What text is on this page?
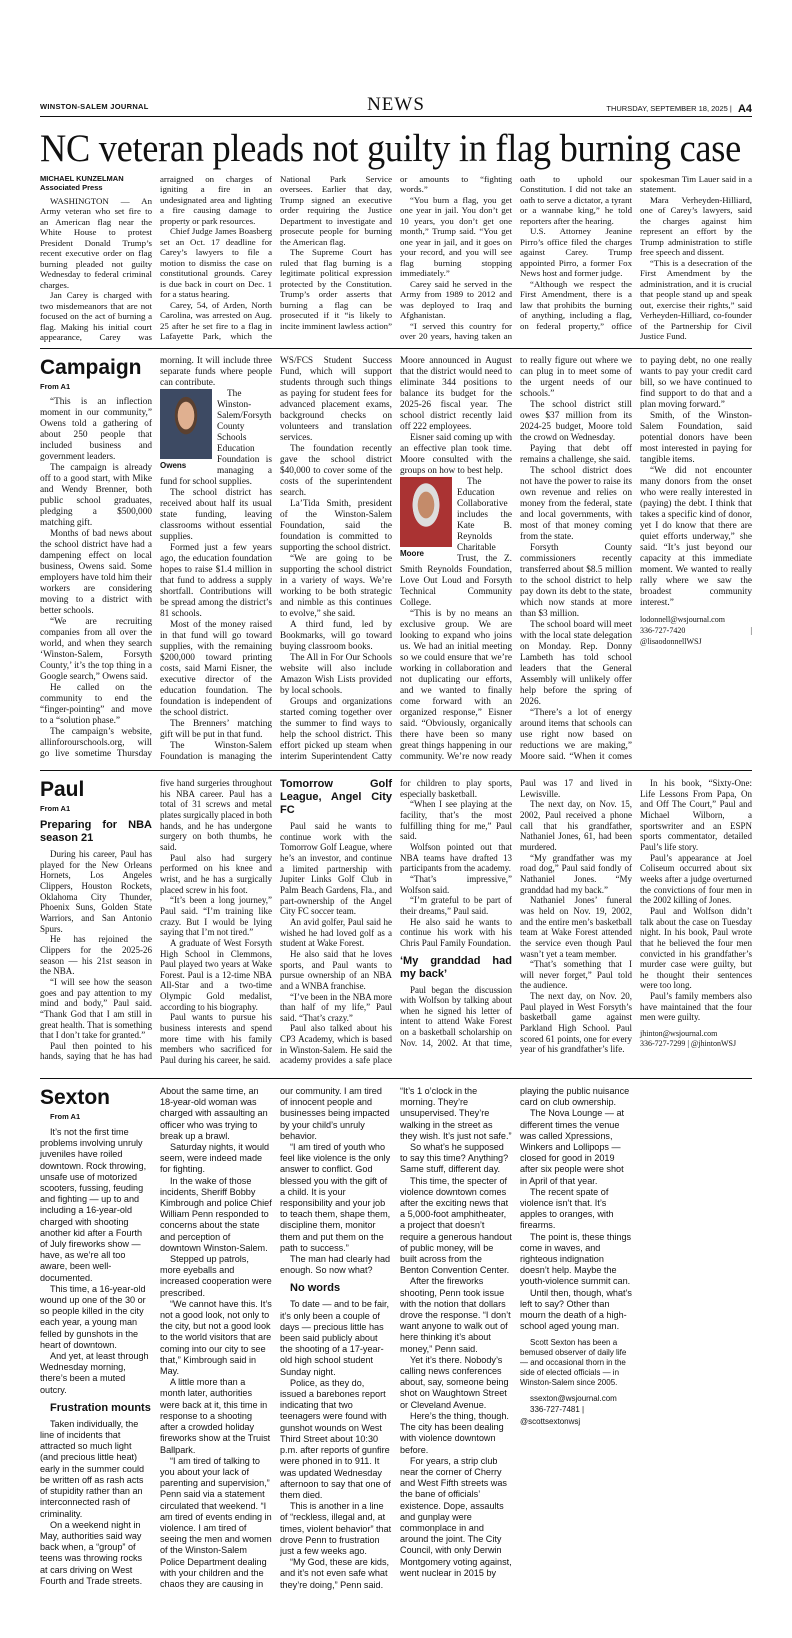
WINSTON-SALEM JOURNAL	NEWS	THURSDAY, SEPTEMBER 18, 2025 | A4
NC veteran pleads not guilty in flag burning case

MICHAEL KUNZELMAN

Associated Press

WASHINGTON — An Army veteran who set fire to an American flag near the White House to protest President Donald Trump’s recent executive order on flag burning pleaded not guilty Wednesday to federal criminal charges.

Jan Carey is charged with two misdemeanors that are not focused on the act of burning a flag. Making his initial court appearance, Carey was arraigned on charges of igniting a fire in an undesignated area and lighting a fire causing damage to property or park resources.

Chief Judge James Boasberg set an Oct. 17 deadline for Carey’s lawyers to file a motion to dismiss the case on constitutional grounds. Carey is due back in court on Dec. 1 for a status hearing.

Carey, 54, of Arden, North Carolina, was arrested on Aug. 25 after he set fire to a flag in Lafayette Park, which the National Park Service oversees. Earlier that day, Trump signed an executive order requiring the Justice Department to investigate and prosecute people for burning the American flag.

The Supreme Court has ruled that flag burning is a legitimate political expression protected by the Constitution. Trump’s order asserts that burning a flag can be prosecuted if it “is likely to incite imminent lawless action” or amounts to “fighting words.”

“You burn a flag, you get one year in jail. You don’t get 10 years, you don’t get one month,” Trump said. “You get one year in jail, and it goes on your record, and you will see flag burning stopping immediately.”

Carey said he served in the Army from 1989 to 2012 and was deployed to Iraq and Afghanistan.

“I served this country for over 20 years, having taken an oath to uphold our Constitution. I did not take an oath to serve a dictator, a tyrant or a wannabe king,” he told reporters after the hearing.

U.S. Attorney Jeanine Pirro’s office filed the charges against Carey. Trump appointed Pirro, a former Fox News host and former judge.

“Although we respect the First Amendment, there is a law that prohibits the burning of anything, including a flag, on federal property,” office spokesman Tim Lauer said in a statement.

Mara Verheyden-Hilliard, one of Carey’s lawyers, said the charges against him represent an effort by the Trump administration to stifle free speech and dissent.

“This is a desecration of the First Amendment by the administration, and it is crucial that people stand up and speak out, exercise their rights,” said Verheyden-Hilliard, co-founder of the Partnership for Civil Justice Fund.

Campaign

From A1

“This is an inflection moment in our community,” Owens told a gathering of about 250 people that included business and government leaders.

The campaign is already off to a good start, with Mike and Wendy Brenner, both public school graduates, pledging a $500,000 matching gift.

Months of bad news about the school district have had a dampening effect on local business, Owens said. Some employers have told him their workers are considering moving to a district with better schools.

“We are recruiting companies from all over the world, and when they search ‘Winston-Salem, Forsyth County,’ it’s the top thing in a Google search,” Owens said.

He called on the community to end the “finger-pointing” and move to a “solution phase.”

The campaign’s website, allinforourschools.org, will go live sometime Thursday morning. It will include three separate funds where people can contribute.

Owens

The Winston-Salem/Forsyth County Schools Education Foundation is managing a fund for school supplies.

The school district has received about half its usual state funding, leaving classrooms without essential supplies.

Formed just a few years ago, the education foundation hopes to raise $1.4 million in that fund to address a supply shortfall. Contributions will be spread among the district’s 81 schools.

Most of the money raised in that fund will go toward supplies, with the remaining $200,000 toward printing costs, said Marni Eisner, the executive director of the education foundation. The foundation is independent of the school district.

The Brenners’ matching gift will be put in that fund.

The Winston-Salem Foundation is managing the WS/FCS Student Success Fund, which will support students through such things as paying for student fees for advanced placement exams, background checks on volunteers and translation services.

The foundation recently gave the school district $40,000 to cover some of the costs of the superintendent search.

La’Tida Smith, president of the Winston-Salem Foundation, said the foundation is committed to supporting the school district.

“We are going to be supporting the school district in a variety of ways. We’re working to be both strategic and nimble as this continues to evolve,” she said.

A third fund, led by Bookmarks, will go toward buying classroom books.

The All in For Our Schools website will also include Amazon Wish Lists provided by local schools.

Groups and organizations started coming together over the summer to find ways to help the school district. This effort picked up steam when interim Superintendent Catty Moore announced in August that the district would need to eliminate 344 positions to balance its budget for the 2025-26 fiscal year. The school district recently laid off 222 employees.

Eisner said coming up with an effective plan took time. Moore consulted with the groups on how to best help.

Moore

The Education Collaborative includes the Kate B. Reynolds Charitable Trust, the Z. Smith Reynolds Foundation, Love Out Loud and Forsyth Technical Community College.

“This is by no means an exclusive group. We are looking to expand who joins us. We had an initial meeting so we could ensure that we’re working in collaboration and not duplicating our efforts, and we wanted to finally come forward with an organized response,” Eisner said. “Obviously, organically there have been so many great things happening in our community. We’re now ready to really figure out where we can plug in to meet some of the urgent needs of our schools.”

The school district still owes $37 million from its 2024-25 budget, Moore told the crowd on Wednesday.

Paying that debt off remains a challenge, she said.

The school district does not have the power to raise its own revenue and relies on money from the federal, state and local governments, with most of that money coming from the state.

Forsyth County commissioners recently transferred about $8.5 million to the school district to help pay down its debt to the state, which now stands at more than $3 million.

The school board will meet with the local state delegation on Monday. Rep. Donny Lambeth has told school leaders that the General Assembly will unlikely offer help before the spring of 2026.

“There’s a lot of energy around items that schools can use right now based on reductions we are making,” Moore said. “When it comes to paying debt, no one really wants to pay your credit card bill, so we have continued to find support to do that and a plan moving forward.”

Smith, of the Winston-Salem Foundation, said potential donors have been most interested in paying for tangible items.

“We did not encounter many donors from the onset who were really interested in (paying) the debt. I think that takes a specific kind of donor, yet I do know that there are quiet efforts underway,” she said. “It’s just beyond our capacity at this immediate moment. We wanted to really rally where we saw the broadest community interest.”

lodonnell@wsjournal.com

336-727-7420 | @lisaodonnellWSJ

Paul

From A1

Preparing for NBA season 21

During his career, Paul has played for the New Orleans Hornets, Los Angeles Clippers, Houston Rockets, Oklahoma City Thunder, Phoenix Suns, Golden State Warriors, and San Antonio Spurs.

He has rejoined the Clippers for the 2025-26 season — his 21st season in the NBA.

“I will see how the season goes and pay attention to my mind and body,” Paul said. “Thank God that I am still in great health. That is something that I don’t take for granted.”

Paul then pointed to his hands, saying that he has had five hand surgeries throughout his NBA career. Paul has a total of 31 screws and metal plates surgically placed in both hands, and he has undergone surgery on both thumbs, he said.

Paul also had surgery performed on his knee and wrist, and he has a surgically placed screw in his foot.

“It’s been a long journey,” Paul said. “I’m training like crazy. But I would be lying saying that I’m not tired.”

A graduate of West Forsyth High School in Clemmons, Paul played two years at Wake Forest. Paul is a 12-time NBA All-Star and a two-time Olympic Gold medalist, according to his biography.

Paul wants to pursue his business interests and spend more time with his family members who sacrificed for Paul during his career, he said.

Tomorrow Golf League, Angel City FC

Paul said he wants to continue work with the Tomorrow Golf League, where he’s an investor, and continue a limited partnership with Jupiter Links Golf Club in Palm Beach Gardens, Fla., and part-ownership of the Angel City FC soccer team.

An avid golfer, Paul said he wished he had loved golf as a student at Wake Forest.

He also said that he loves sports, and Paul wants to pursue ownership of an NBA and a WNBA franchise.

“I’ve been in the NBA more than half of my life,” Paul said. “That’s crazy.”

Paul also talked about his CP3 Academy, which is based in Winston-Salem. He said the academy provides a safe place for children to play sports, especially basketball.

“When I see playing at the facility, that’s the most fulfilling thing for me,” Paul said.

Wolfson pointed out that NBA teams have drafted 13 participants from the academy.

“That’s impressive,” Wolfson said.

“I’m grateful to be part of their dreams,” Paul said.

He also said he wants to continue his work with his Chris Paul Family Foundation.

‘My granddad had my back’

Paul began the discussion with Wolfson by talking about when he signed his letter of intent to attend Wake Forest on a basketball scholarship on Nov. 14, 2002. At that time, Paul was 17 and lived in Lewisville.

The next day, on Nov. 15, 2002, Paul received a phone call that his grandfather, Nathaniel Jones, 61, had been murdered.

“My grandfather was my road dog,” Paul said fondly of Nathaniel Jones. “My granddad had my back.”

Nathaniel Jones’ funeral was held on Nov. 19, 2002, and the entire men’s basketball team at Wake Forest attended the service even though Paul wasn’t yet a team member.

“That’s something that I will never forget,” Paul told the audience.

The next day, on Nov. 20, Paul played in West Forsyth’s basketball game against Parkland High School. Paul scored 61 points, one for every year of his grandfather’s life.

In his book, “Sixty-One: Life Lessons From Papa, On and Off The Court,” Paul and Michael Wilborn, a sportswriter and an ESPN sports commentator, detailed Paul’s life story.

Paul’s appearance at Joel Coliseum occurred about six weeks after a judge overturned the convictions of four men in the 2002 killing of Jones.

Paul and Wolfson didn’t talk about the case on Tuesday night. In his book, Paul wrote that he believed the four men convicted in his grandfather’s murder case were guilty, but he thought their sentences were too long.

Paul’s family members also have maintained that the four men were guilty.

jhinton@wsjournal.com

336-727-7299 | @jhintonWSJ

Sexton

From A1

It’s not the first time problems involving unruly juveniles have roiled downtown. Rock throwing, unsafe use of motorized scooters, fussing, feuding and fighting — up to and including a 16-year-old charged with shooting another kid after a Fourth of July fireworks show — have, as we’re all too aware, been well-documented.

This time, a 16-year-old wound up one of the 30 or so people killed in the city each year, a young man felled by gunshots in the heart of downtown.

And yet, at least through Wednesday morning, there’s been a muted outcry.

Frustration mounts

Taken individually, the line of incidents that attracted so much light (and precious little heat) early in the summer could be written off as rash acts of stupidity rather than an interconnected rash of criminality.

On a weekend night in May, authorities said way back when, a “group” of teens was throwing rocks at cars driving on West Fourth and Trade streets. About the same time, an 18-year-old woman was charged with assaulting an officer who was trying to break up a brawl.

Saturday nights, it would seem, were indeed made for fighting.

In the wake of those incidents, Sheriff Bobby Kimbrough and police Chief William Penn responded to concerns about the state and perception of downtown Winston-Salem.

Stepped up patrols, more eyeballs and increased cooperation were prescribed.

“We cannot have this. It’s not a good look, not only to the city, but not a good look to the world visitors that are coming into our city to see that,” Kimbrough said in May.

A little more than a month later, authorities were back at it, this time in response to a shooting after a crowded holiday fireworks show at the Truist Ballpark.

“I am tired of talking to you about your lack of parenting and supervision,” Penn said via a statement circulated that weekend. “I am tired of events ending in violence. I am tired of seeing the men and women of the Winston-Salem Police Department dealing with your children and the chaos they are causing in our community. I am tired of innocent people and businesses being impacted by your child’s unruly behavior.

“I am tired of youth who feel like violence is the only answer to conflict. God blessed you with the gift of a child. It is your responsibility and your job to teach them, shape them, discipline them, monitor them and put them on the path to success.”

The man had clearly had enough. So now what?

No words

To date — and to be fair, it’s only been a couple of days — precious little has been said publicly about the shooting of a 17-year-old high school student Sunday night.

Police, as they do, issued a barebones report indicating that two teenagers were found with gunshot wounds on West Third Street about 10:30 p.m. after reports of gunfire were phoned in to 911. It was updated Wednesday afternoon to say that one of them died.

This is another in a line of “reckless, illegal and, at times, violent behavior” that drove Penn to frustration just a few weeks ago.

“My God, these are kids, and it’s not even safe what they’re doing,” Penn said. “It’s 1 o’clock in the morning. They’re unsupervised. They’re walking in the street as they wish. It’s just not safe.”

So what’s he supposed to say this time? Anything? Same stuff, different day.

This time, the specter of violence downtown comes after the exciting news that a 5,000-foot amphitheater, a project that doesn’t require a generous handout of public money, will be built across from the Benton Convention Center.

After the fireworks shooting, Penn took issue with the notion that dollars drove the response. “I don’t want anyone to walk out of here thinking it’s about money,” Penn said.

Yet it’s there. Nobody’s calling news conferences about, say, someone being shot on Waughtown Street or Cleveland Avenue.

Here’s the thing, though. The city has been dealing with violence downtown before.

For years, a strip club near the corner of Cherry and West Fifth streets was the bane of officials’ existence. Dope, assaults and gunplay were commonplace in and around the joint. The City Council, with only Derwin Montgomery voting against, went nuclear in 2015 by playing the public nuisance card on club ownership.

The Nova Lounge — at different times the venue was called Xpressions, Winkers and Lollipops — closed for good in 2019 after six people were shot in April of that year.

The recent spate of violence isn’t that. It’s apples to oranges, with firearms.

The point is, these things come in waves, and righteous indignation doesn’t help. Maybe the youth-violence summit can.

Until then, though, what’s left to say? Other than mourn the death of a high-school aged young man.

Scott Sexton has been a bemused observer of daily life — and occasional thorn in the side of elected officials — in Winston-Salem since 2005.

ssexton@wsjournal.com

336-727-7481 | @scottsextonwsj
